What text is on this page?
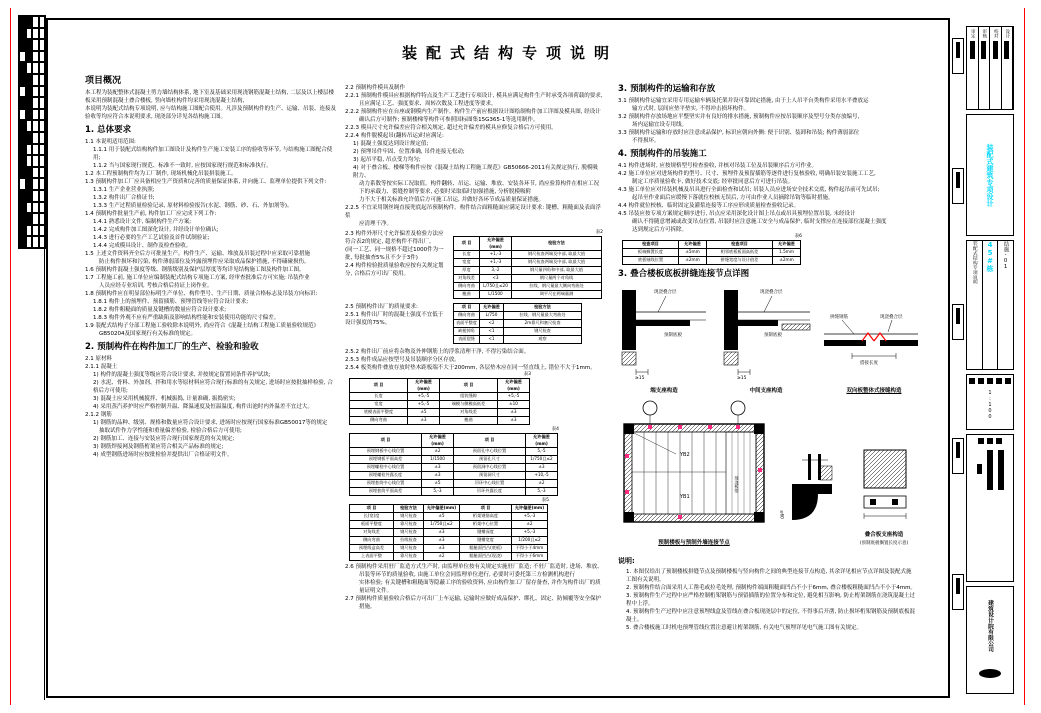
装配式结构专项说明
项目概况
本工程为装配整体式混凝土剪力墙结构体系, 地下室及基础采用现浇钢筋混凝土结构, 二层及以上楼层楼板采用预制混凝土叠合楼板, 竖向墙柱构件均采用现浇混凝土结构,
本说明为装配式结构专项说明, 应与结构施工图配合使用。凡涉及预制构件的生产、运输、吊装、连接及验收等均应符合本说明要求, 现浇部分详见各结构施工图。
1. 总体要求
1.1 本说明适用范围:
1.1.1 用于装配式结构构件加工图设计及构件生产施工安装工序的验收等环节, 与结构施工图配合使用;
1.1.2 当与国家现行规范、标准不一致时, 应按国家现行规范和标准执行。
1.2 本工程预制构件均为工厂制作, 现场机械化吊装拼装施工。
1.3 预制构件加工厂应具备相应生产资质和完善的质量保证体系, 并向施工、监理单位提供下列文件:
1.3.1 生产企业营业执照;
1.3.2 构件出厂合格证书;
1.3.3 生产过程质量检验记录, 原材料检验报告(水泥、钢筋、砂、石、外加剂等)。
1.4 预制构件批量生产前, 构件加工厂应完成下列工作:
1.4.1 熟悉设计文件, 编制构件生产方案;
1.4.2 完成构件加工图深化设计, 并经设计单位确认;
1.4.3 进行必要的生产工艺试验及首件试制验证;
1.4.4 完成模具设计、制作及检查验收。
1.5 上述文件资料齐全后方可批量生产。构件生产、运输、堆放及吊装过程中应采取可靠措施
防止构件损坏和污染, 构件薄弱部位及外露预埋件应采取成品保护措施, 不得磕碰损伤。
1.6 预制构件混凝土强度等级、钢筋级别及保护层厚度等均详见结构施工图及构件加工图。
1.7 工程施工前, 施工单位应编制装配式结构专项施工方案, 经审查批准后方可实施; 吊装作业
人员应经专业培训, 考核合格后持证上岗作业。
1.8 预制构件应在明显部位标明生产单位、构件型号、生产日期、质量合格标志及吊装方向标识:
1.8.1 构件上的预埋件、预留插筋、预埋管线等应符合设计要求;
1.8.2 构件粗糙面的质量及键槽的数量应符合设计要求;
1.8.3 构件外观不应有严重缺陷及影响结构性能和安装使用功能的尺寸偏差。
1.9 装配式结构子分部工程施工验收除本说明外, 尚应符合《混凝土结构工程施工质量验收规范》
GB50204及国家现行有关标准的规定。
2. 预制构件在构件加工厂的生产、检验和验收
2.1 原材料
2.1.1 混凝土
1) 构件的混凝土强度等级应符合设计要求, 并按规定留置同条件养护试块;
2) 水泥、骨料、外加剂、拌和用水等原材料应符合现行标准的有关规定, 进场时应按批抽样检验, 合格后方可使用;
3) 混凝土应采用机械搅拌、机械振捣, 计量准确, 振捣密实;
4) 采用蒸汽养护时应严格控制升温、降温速度及恒温温度, 构件出池时内外温差不宜过大。
2.1.2 钢筋
1) 钢筋的品种、级别、规格和数量应符合设计要求, 进场时应按现行国家标准GB50017等的规定
抽取试件作力学性能和重量偏差检验, 检验合格后方可使用;
2) 钢筋加工、连接与安装应符合现行国家规范的有关规定;
3) 钢筋焊接网及钢筋桁架应符合相关产品标准的规定;
4) 成型钢筋进场时应按批检验并提供出厂合格证明文件。
2.2 预制构件模具及制作
2.2.1 预制构件模具应根据构件特点及生产工艺进行专项设计, 模具应满足构件生产时承受各项荷载的要求,
且应满足工艺、强度要求、周转次数及工程进度等要求。
2.2.2 预制构件应在台座或钢模内生产制作。构件生产前应根据设计图绘制构件加工详图及模具图, 经设计
确认后方可制作; 预制楼梯等构件可参照国标图集15G365-1等选用制作。
2.2.3 模具尺寸允许偏差应符合相关规定, 超过允许偏差的模具应修复合格后方可使用。
2.2.4 构件脱模起吊(翻转吊运)时应满足:
1) 混凝土强度达到设计规定值;
2) 预埋吊件牢固、位置准确, 吊件连接无松动;
3) 起吊平稳, 吊点受力均匀;
4) 对于叠合板、楼梯等构件应按《混凝土结构工程施工规范》GB50666-2011有关规定执行, 脱模吸附力、
动力系数等按实际工况取值。构件翻转、吊运、运输、堆放、安装各环节, 尚应验算构件在相应工况
下的承载力、裂缝控制等要求, 必要时采取临时加强措施, 分析脱模吸附
力不大于相关标准允许值后方可施工吊运, 并做好各环节成品质量保证措施。
2.2.5 不宜采用钢丝绳直接兜底起吊预制构件。构件结合面粗糙面应满足设计要求: 键槽、粗糙面及表面浮浆
应清理干净。
2.3 构件外形尺寸允许偏差及检验方法应符合表2的规定, 超差构件不得出厂。
(同一工艺、同一规格不超过1000件为一批, 每批抽查5%且不少于3件)
2.4 构件检验批质量验收应按有关规定划分, 合格后方可出厂使用。
表2
项 目	允许偏差(mm)	检验方法
长度	+1,-3	钢尺检查两端及中部, 取最大值
宽度	+1,-3	钢尺检查两端及中部, 取最大值
厚度	3,-2	钢尺量四角和中部, 取最大值
对角线差	<3	钢尺量两个对角线
侧向弯曲	L/750且≤20	拉线、钢尺量最大侧向弯曲处
翘曲	L/1500	调平尺在两端量测
2.5 预制构件出厂的质量要求:
2.5.1 构件出厂时的混凝土强度不宜低于设计强度的75%。
项 目	允许偏差	检验方法
侧向弯曲	L/750	拉线、钢尺量最大弯曲处
表面平整度	<2	2m靠尺和塞尺检查
缺棱掉角	<1	钢尺检查
表面裂缝	<1	观察
2.5.2 构件出厂前应将杂物及外伸钢筋上的浮浆清理干净, 不得污染结合面。
2.5.3 构件成品应按型号及吊装顺序分区存放。
2.5.4 板类构件叠放存放时垫木距板端不大于200mm, 各层垫木应在同一竖直线上, 错位不大于1mm。
表3
项 目	允许偏差(mm)	项 目	允许偏差(mm)
长度	+5,-5	组装缝隙	+5,-5
宽度	+5,-5	端模与侧模高低差	±10
底模表面平整度	±5	对角线差	±3
侧向弯曲	±3	翘曲	±3
表4
项 目	允许偏差(mm)	项 目	允许偏差(mm)
预埋钢板中心线位置	±2	预留孔中心线位置	5,-5
预埋钢板平面高差	1/1500	预留孔尺寸	1/750且≤2
预埋螺栓中心线位置	±3	预留洞中心线位置	±3
预埋螺栓外露长度	±3	预留洞尺寸	+10,-5
预埋套筒中心线位置	±5	吊环中心线位置	±2
预埋套筒平面高差	5,-3	吊环外露长度	5,-3
表5
项 目	检验方法	允许偏差(mm)	项 目	允许偏差(mm)
长(宽)度	钢尺检查	±5	桁架钢筋高度	+5,-3
板面平整度	靠尺检查	1/750且≤2	桁架中心位置	±2
对角线差	钢尺检查	±3	键槽深度	+5,-3
侧向弯曲	拉线检查	±3	键槽宽度	1/200且≤2
预埋线盒高差	钢尺检查	±3	粗糙面凹凸(底板)	不得小于4mm
上表面平整	靠尺检查	±2	粗糙面凹凸(现浇)	不得小于6mm
2.6 预制构件采用驻厂监造方式生产时, 由监理单位按有关规定实施驻厂监造; 不驻厂监造时, 进场、堆放、
吊装等环节的质量验收, 由施工单位会同监理单位进行, 必要时可委托第三方检测机构进行
实体检验; 有关键槽和粗糙面等隐蔽工序的验收资料, 应由构件加工厂留存备查, 并作为构件出厂的质量证明文件。
2.7 预制构件质量验收合格后方可出厂上车运输, 运输时应做好成品保护、绑扎、固定、防倾覆等安全保护
措施。
3. 预制构件的运输和存放
3.1 预制构件运输宜采用专用运输车辆及托架并设可靠固定措施, 由于上人吊平台类构件采用水平叠放运
输方式时, 层间应垫平垫实, 不得冲击损坏构件。
3.2 预制构件存放场地应平整坚实并有良好的排水措施, 预制构件应按吊装顺序及型号分类存放编号,
场内运输宜设专用线。
3.3 预制构件运输和存放时应注意成品保护, 标识应朝向外侧: 便于识别、装卸和吊装; 构件薄弱部位
不得损坏。
4. 预制构件的吊装施工
4.1 构件进场时, 应按规格型号检查验收, 并核对吊装工位及吊装顺序后方可作业。
4.2 施工单位应对进场构件的型号、尺寸、预埋件及预留插筋等逐件进行复核验收, 明确吊装安装施工工艺,
制定工序质量验收卡, 做好技术交底; 经审批同意后方可进行吊装。
4.3 施工单位应对吊装机械及吊具进行全面检查和试吊; 吊装人员应进场安全技术交底, 构件起吊前可先试吊;
起吊至作业面后应缓慢下落就位校核无误后, 方可由作业人员摘除吊钩等临时措施。
4.4 构件就位校核、临时固定及灌浆连接等工序应形成质量检查验收记录。
4.5 吊装应按专项方案规定顺序进行, 吊点应采用深化设计图上吊点或吊具预埋位置吊装, 未经设计
确认不得随意增减或改变吊点位置, 吊装时应注意施工安全与成品保护, 临时支撑应在连接部位混凝土强度
达到规定后方可拆除。
表6
检查项目	允许偏差	检查项目	允许偏差
板端搁置长度	±5mm	相邻底板板面高低差	1.5mm
底板轴线位置	±2mm	拼缝宽度与设计值差	±2mm
3. 叠合楼板底板拼缝连接节点详图
现浇叠合层
预制底板
≥15
端支座构造
现浇叠合层
预制底板
≥15
中间支座构造
拼缝钢筋	现浇叠合层
搭接长度
双向板整体式接缝构造
YB2
YB1
现浇板带
预制楼板与预制外墙连接节点
≥60
叠合板支座构造
(预制底板搁置长度示意)
说明:
1. 本图仅给出了预制楼板拼缝节点及预制楼板与竖向构件之间的典型连接节点构造, 其余详见相应节点详图及装配式施工图有关说明。
2. 预制构件结合面采用人工凿毛或拉毛处理, 预制构件端面粗糙面凹凸不小于6mm, 叠合楼板粗糙面凹凸不小于4mm。
3. 预制构件生产过程中应严格控制桁架钢筋与预留插筋的位置分布和定位, 避免相互影响, 防止桁架钢筋在浇筑混凝土过程中上浮。
4. 预制构件生产过程中应注意预埋线盒及管线在叠合板现浇层中的定位, 不得事后开凿, 防止损坏桁架钢筋及预制底板混凝土。
5. 叠合楼板施工时机电预埋管线位置注意避让桁架钢筋, 有关电气预埋详见电气施工图有关规定。
审定 审核 校对 设计
装配式建筑专项设计
装配式结构专项说明 45#栋 结施-01
1:100
建筑设计院有限公司
